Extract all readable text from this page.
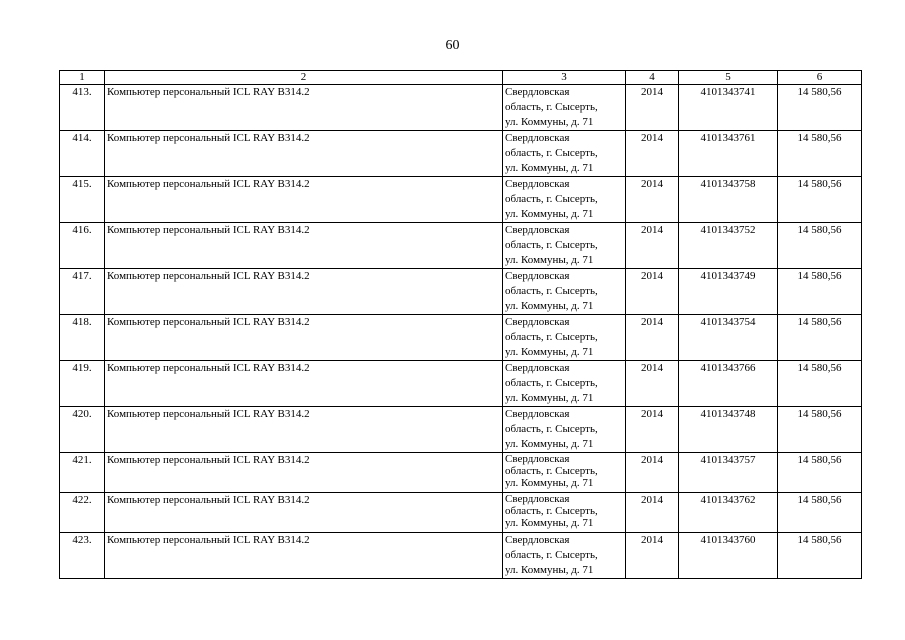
60
1	2	3	4	5	6
413.	Компьютер персональный ICL RAY B314.2	Свердловская
область, г. Сысерть,
ул. Коммуны, д. 71	2014	4101343741	14 580,56
414.	Компьютер персональный ICL RAY B314.2	Свердловская
область, г. Сысерть,
ул. Коммуны, д. 71	2014	4101343761	14 580,56
415.	Компьютер персональный ICL RAY B314.2	Свердловская
область, г. Сысерть,
ул. Коммуны, д. 71	2014	4101343758	14 580,56
416.	Компьютер персональный ICL RAY B314.2	Свердловская
область, г. Сысерть,
ул. Коммуны, д. 71	2014	4101343752	14 580,56
417.	Компьютер персональный ICL RAY B314.2	Свердловская
область, г. Сысерть,
ул. Коммуны, д. 71	2014	4101343749	14 580,56
418.	Компьютер персональный ICL RAY B314.2	Свердловская
область, г. Сысерть,
ул. Коммуны, д. 71	2014	4101343754	14 580,56
419.	Компьютер персональный ICL RAY B314.2	Свердловская
область, г. Сысерть,
ул. Коммуны, д. 71	2014	4101343766	14 580,56
420.	Компьютер персональный ICL RAY B314.2	Свердловская
область, г. Сысерть,
ул. Коммуны, д. 71	2014	4101343748	14 580,56
421.	Компьютер персональный ICL RAY B314.2	Свердловская
область, г. Сысерть,
ул. Коммуны, д. 71	2014	4101343757	14 580,56
422.	Компьютер персональный ICL RAY B314.2	Свердловская
область, г. Сысерть,
ул. Коммуны, д. 71	2014	4101343762	14 580,56
423.	Компьютер персональный ICL RAY B314.2	Свердловская
область, г. Сысерть,
ул. Коммуны, д. 71	2014	4101343760	14 580,56
